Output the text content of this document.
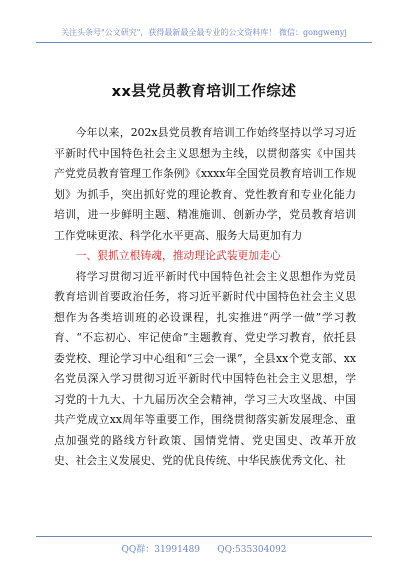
关注头条号"公文研究"，获得最新最全最专业的公文资料库！ 微信：gongwenyj
xx县党员教育培训工作综述

今年以来，202x县党员教育培训工作始终坚持以学习习近平新时代中国特色社会主义思想为主线，以贯彻落实《中国共产党党员教育管理工作条例》《xxxx年全国党员教育培训工作规划》为抓手，突出抓好党的理论教育、党性教育和专业化能力培训，进一步鲜明主题、精准施训、创新办学，党员教育培训工作党味更浓、科学化水平更高、服务大局更加有力

一、狠抓立根铸魂，推动理论武装更加走心

将学习贯彻习近平新时代中国特色社会主义思想作为党员教育培训首要政治任务，将习近平新时代中国特色社会主义思想作为各类培训班的必设课程，扎实推进“两学一做”学习教育、“不忘初心、牢记使命”主题教育、党史学习教育，依托县委党校、理论学习中心组和“三会一课”，全县xx个党支部、xx名党员深入学习贯彻习近平新时代中国特色社会主义思想，学习党的十九大、十九届历次全会精神，学习三大攻坚战、中国共产党成立xx周年等重要工作，围绕贯彻落实新发展理念、重点加强党的路线方针政策、国情党情、党史国史、改革开放史、社会主义发展史、党的优良传统、中华民族优秀文化、社

QQ群：31991489 QQ:535304092
